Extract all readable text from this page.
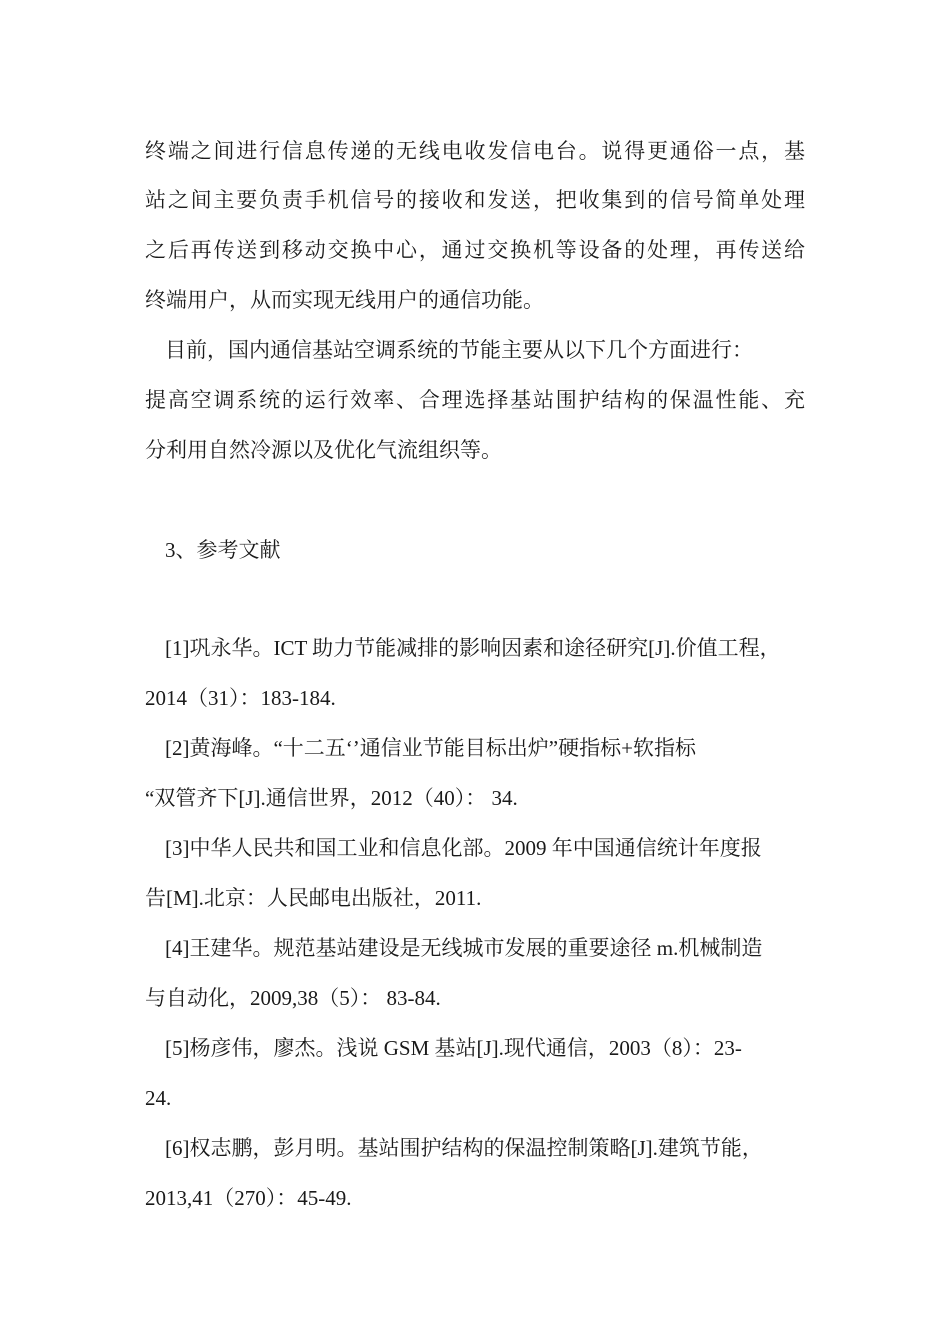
终端之间进行信息传递的无线电收发信电台。说得更通俗一点，基
站之间主要负责手机信号的接收和发送，把收集到的信号简单处理
之后再传送到移动交换中心，通过交换机等设备的处理，再传送给
终端用户，从而实现无线用户的通信功能。
目前，国内通信基站空调系统的节能主要从以下几个方面进行：
提高空调系统的运行效率、合理选择基站围护结构的保温性能、充
分利用自然冷源以及优化气流组织等。
3、参考文献
[1]巩永华。ICT 助力节能减排的影响因素和途径研究[J].价值工程，
2014（31）：183-184.
[2]黄海峰。“十二五‘’通信业节能目标出炉”硬指标+软指标
“双管齐下[J].通信世界，2012（40）： 34.
[3]中华人民共和国工业和信息化部。2009 年中国通信统计年度报
告[M].北京：人民邮电出版社，2011.
[4]王建华。规范基站建设是无线城市发展的重要途径 m.机械制造
与自动化，2009,38（5）： 83-84.
[5]杨彦伟，廖杰。浅说 GSM 基站[J].现代通信，2003（8）：23-
24.
[6]权志鹏，彭月明。基站围护结构的保温控制策略[J].建筑节能，
2013,41（270）：45-49.
